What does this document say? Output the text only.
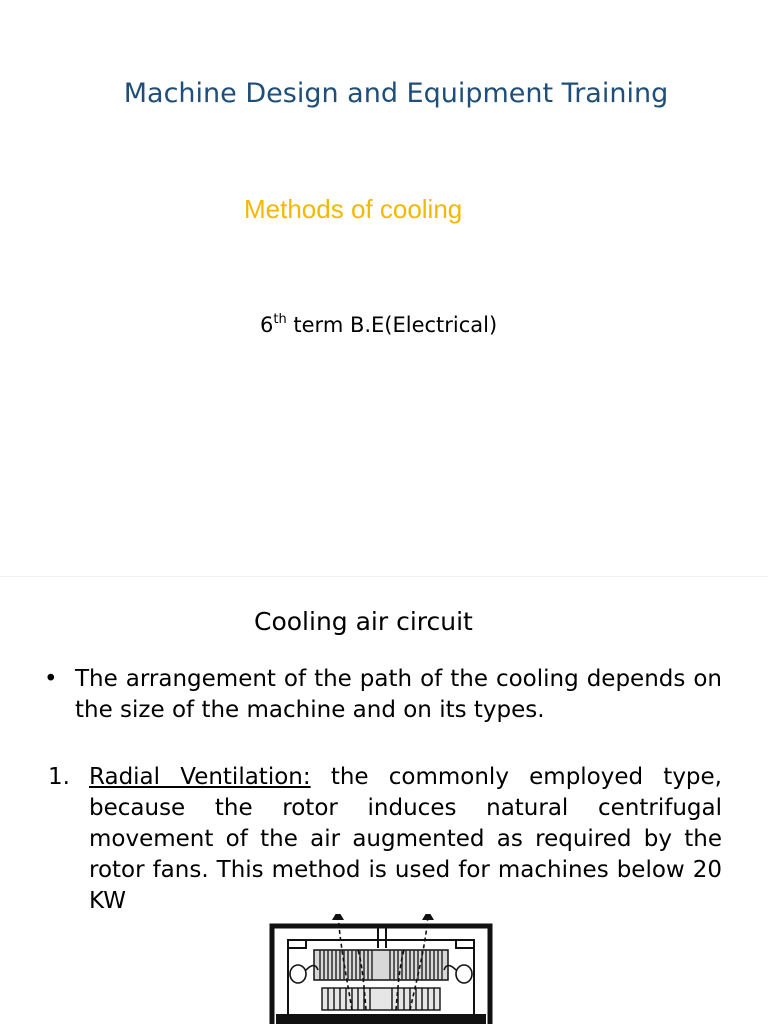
Machine Design and Equipment Training
Methods of cooling
6th term B.E(Electrical)
Cooling air circuit
• The arrangement of the path of the cooling depends on the size of the machine and on its types.
1. Radial Ventilation: the commonly employed type, because the rotor induces natural centrifugal movement of the air augmented as required by the rotor fans. This method is used for machines below 20 KW
